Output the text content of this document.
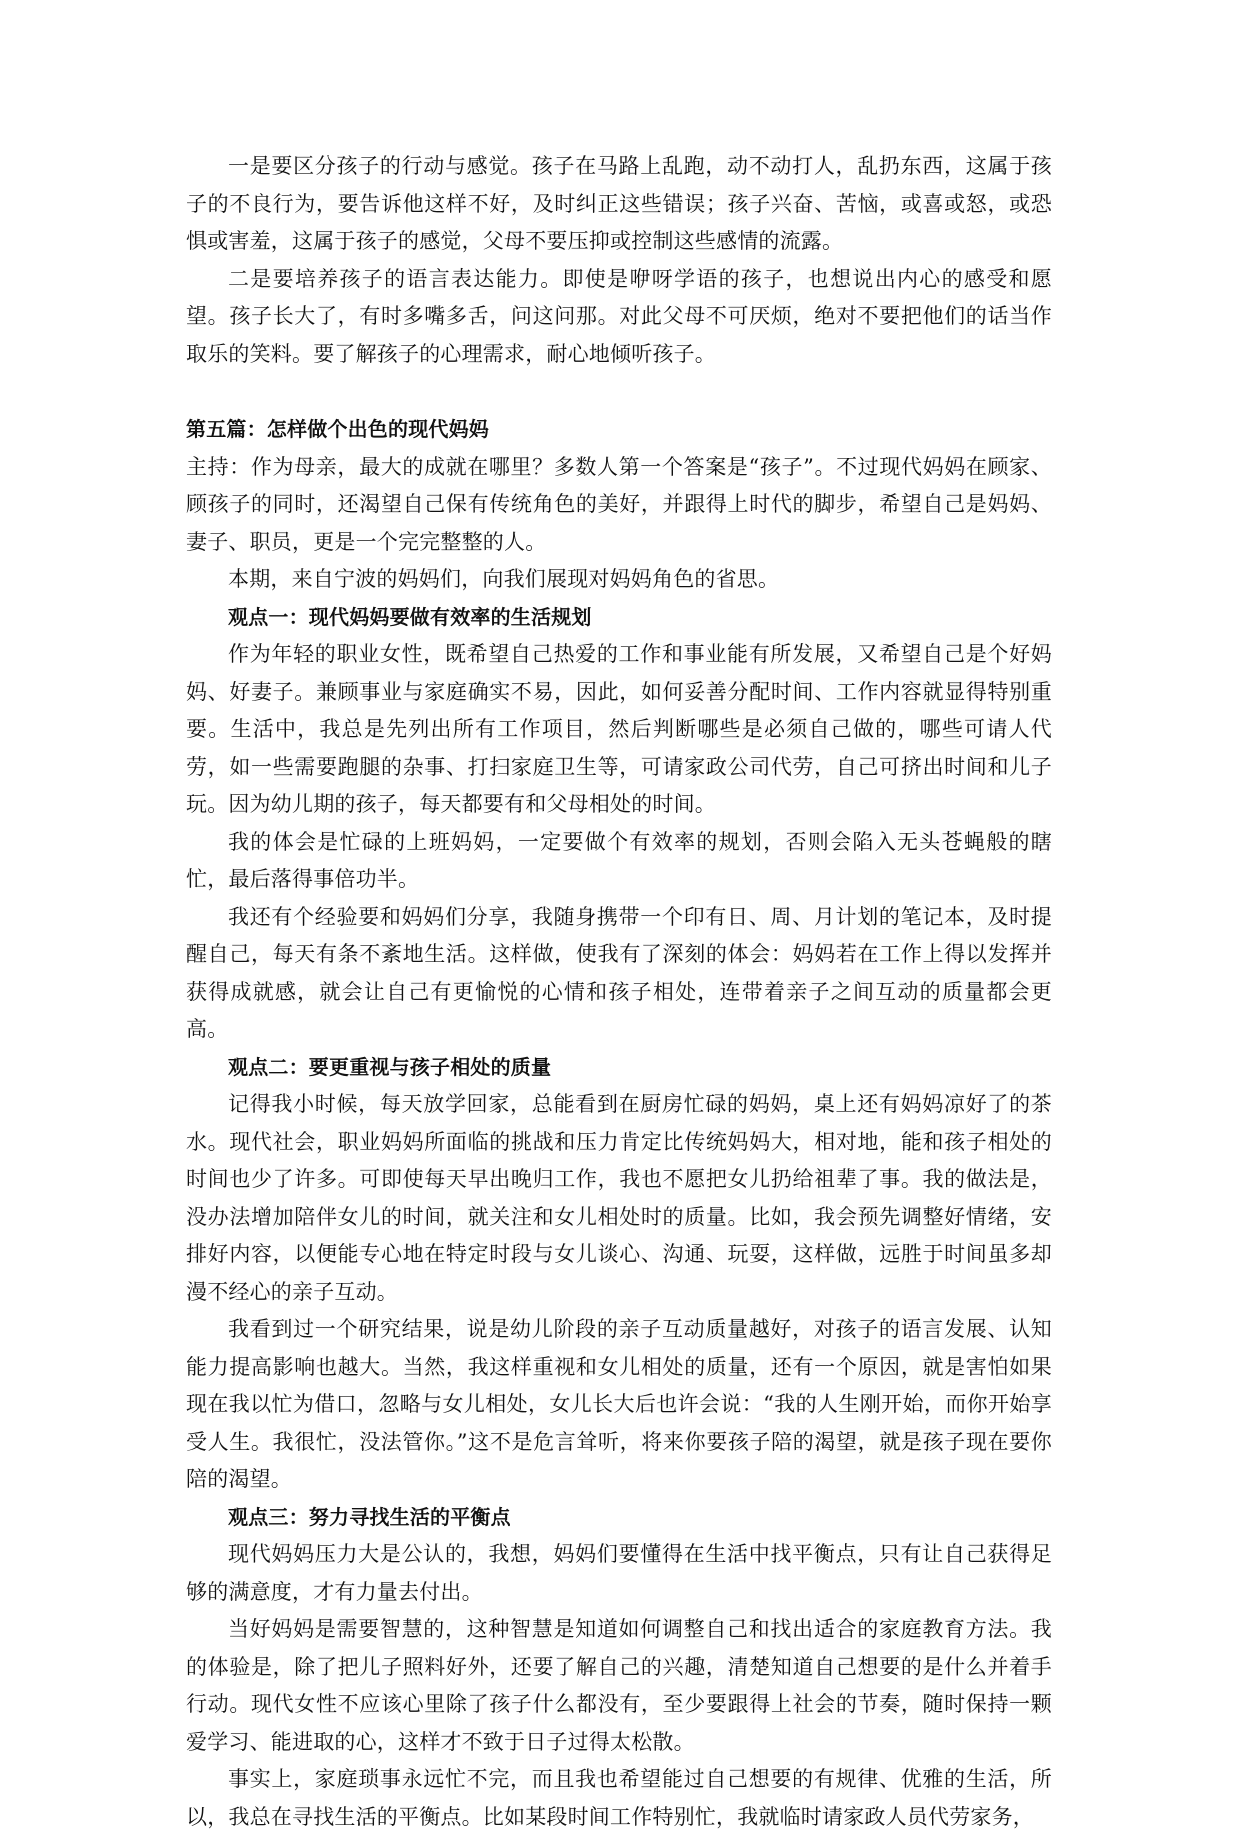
一是要区分孩子的行动与感觉。孩子在马路上乱跑，动不动打人，乱扔东西，这属于孩子的不良行为，要告诉他这样不好，及时纠正这些错误；孩子兴奋、苦恼，或喜或怒，或恐惧或害羞，这属于孩子的感觉，父母不要压抑或控制这些感情的流露。

二是要培养孩子的语言表达能力。即使是咿呀学语的孩子，也想说出内心的感受和愿望。孩子长大了，有时多嘴多舌，问这问那。对此父母不可厌烦，绝对不要把他们的话当作取乐的笑料。要了解孩子的心理需求，耐心地倾听孩子。

第五篇：怎样做个出色的现代妈妈

主持：作为母亲，最大的成就在哪里？多数人第一个答案是“孩子”。不过现代妈妈在顾家、顾孩子的同时，还渴望自己保有传统角色的美好，并跟得上时代的脚步，希望自己是妈妈、妻子、职员，更是一个完完整整的人。

本期，来自宁波的妈妈们，向我们展现对妈妈角色的省思。

观点一：现代妈妈要做有效率的生活规划

作为年轻的职业女性，既希望自己热爱的工作和事业能有所发展，又希望自己是个好妈妈、好妻子。兼顾事业与家庭确实不易，因此，如何妥善分配时间、工作内容就显得特别重要。生活中，我总是先列出所有工作项目，然后判断哪些是必须自己做的，哪些可请人代劳，如一些需要跑腿的杂事、打扫家庭卫生等，可请家政公司代劳，自己可挤出时间和儿子玩。因为幼儿期的孩子，每天都要有和父母相处的时间。

我的体会是忙碌的上班妈妈，一定要做个有效率的规划，否则会陷入无头苍蝇般的瞎忙，最后落得事倍功半。

我还有个经验要和妈妈们分享，我随身携带一个印有日、周、月计划的笔记本，及时提醒自己，每天有条不紊地生活。这样做，使我有了深刻的体会：妈妈若在工作上得以发挥并获得成就感，就会让自己有更愉悦的心情和孩子相处，连带着亲子之间互动的质量都会更高。

观点二：要更重视与孩子相处的质量

记得我小时候，每天放学回家，总能看到在厨房忙碌的妈妈，桌上还有妈妈凉好了的茶水。现代社会，职业妈妈所面临的挑战和压力肯定比传统妈妈大，相对地，能和孩子相处的时间也少了许多。可即使每天早出晚归工作，我也不愿把女儿扔给祖辈了事。我的做法是，没办法增加陪伴女儿的时间，就关注和女儿相处时的质量。比如，我会预先调整好情绪，安排好内容，以便能专心地在特定时段与女儿谈心、沟通、玩耍，这样做，远胜于时间虽多却漫不经心的亲子互动。

我看到过一个研究结果，说是幼儿阶段的亲子互动质量越好，对孩子的语言发展、认知能力提高影响也越大。当然，我这样重视和女儿相处的质量，还有一个原因，就是害怕如果现在我以忙为借口，忽略与女儿相处，女儿长大后也许会说：“我的人生刚开始，而你开始享受人生。我很忙，没法管你。”这不是危言耸听，将来你要孩子陪的渴望，就是孩子现在要你陪的渴望。

观点三：努力寻找生活的平衡点

现代妈妈压力大是公认的，我想，妈妈们要懂得在生活中找平衡点，只有让自己获得足够的满意度，才有力量去付出。

当好妈妈是需要智慧的，这种智慧是知道如何调整自己和找出适合的家庭教育方法。我的体验是，除了把儿子照料好外，还要了解自己的兴趣，清楚知道自己想要的是什么并着手行动。现代女性不应该心里除了孩子什么都没有，至少要跟得上社会的节奏，随时保持一颗爱学习、能进取的心，这样才不致于日子过得太松散。

事实上，家庭琐事永远忙不完，而且我也希望能过自己想要的有规律、优雅的生活，所以，我总在寻找生活的平衡点。比如某段时间工作特别忙，我就临时请家政人员代劳家务，
